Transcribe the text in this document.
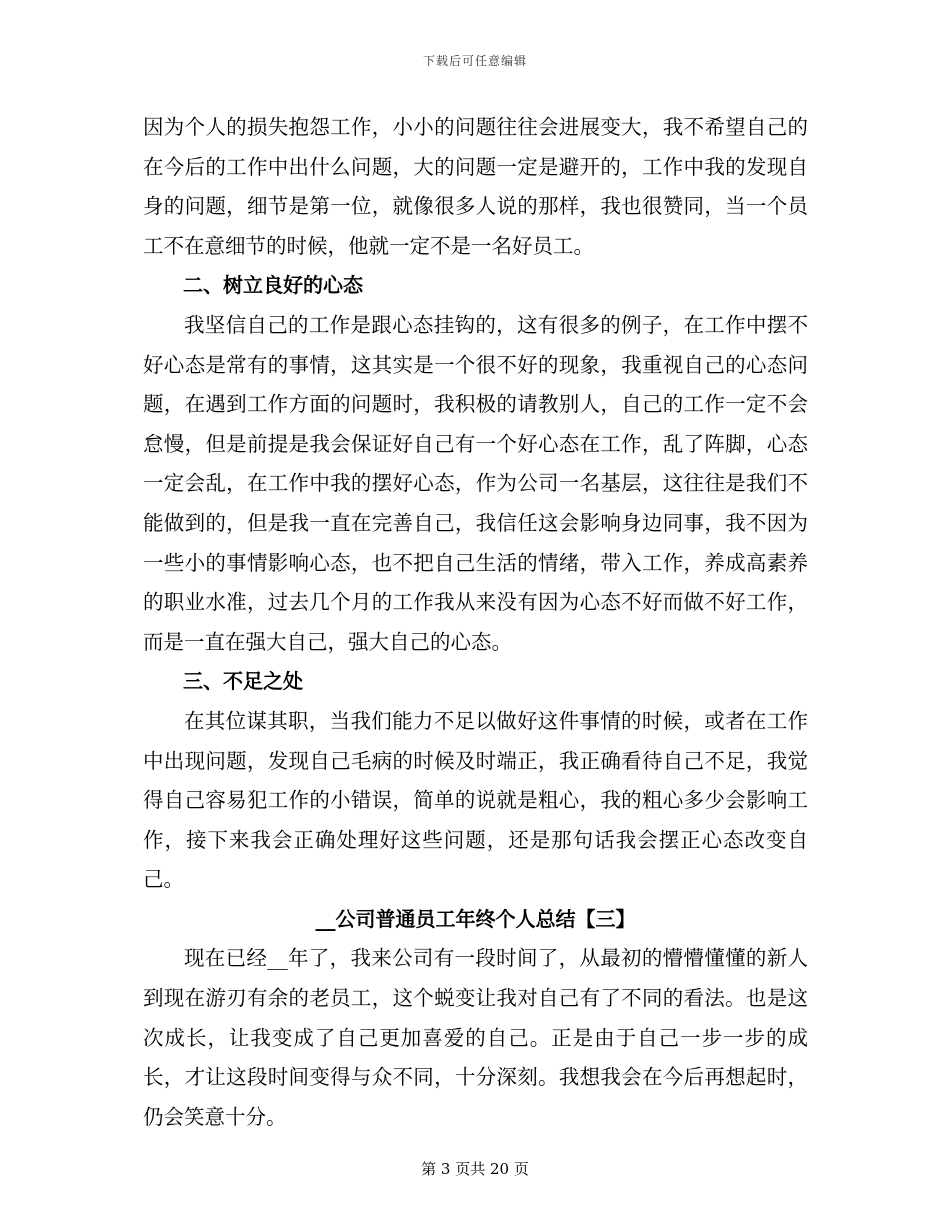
下载后可任意编辑

因为个人的损失抱怨工作，小小的问题往往会进展变大，我不希望自己的在今后的工作中出什么问题，大的问题一定是避开的，工作中我的发现自身的问题，细节是第一位，就像很多人说的那样，我也很赞同，当一个员工不在意细节的时候，他就一定不是一名好员工。

二、树立良好的心态

我坚信自己的工作是跟心态挂钩的，这有很多的例子，在工作中摆不好心态是常有的事情，这其实是一个很不好的现象，我重视自己的心态问题，在遇到工作方面的问题时，我积极的请教别人，自己的工作一定不会怠慢，但是前提是我会保证好自己有一个好心态在工作，乱了阵脚，心态一定会乱，在工作中我的摆好心态，作为公司一名基层，这往往是我们不能做到的，但是我一直在完善自己，我信任这会影响身边同事，我不因为一些小的事情影响心态，也不把自己生活的情绪，带入工作，养成高素养的职业水准，过去几个月的工作我从来没有因为心态不好而做不好工作，而是一直在强大自己，强大自己的心态。

三、不足之处

在其位谋其职，当我们能力不足以做好这件事情的时候，或者在工作中出现问题，发现自己毛病的时候及时端正，我正确看待自己不足，我觉得自己容易犯工作的小错误，简单的说就是粗心，我的粗心多少会影响工作，接下来我会正确处理好这些问题，还是那句话我会摆正心态改变自己。

__公司普通员工年终个人总结【三】

现在已经__年了，我来公司有一段时间了，从最初的懵懵懂懂的新人到现在游刃有余的老员工，这个蜕变让我对自己有了不同的看法。也是这次成长，让我变成了自己更加喜爱的自己。正是由于自己一步一步的成长，才让这段时间变得与众不同，十分深刻。我想我会在今后再想起时，仍会笑意十分。

第 3 页共 20 页
